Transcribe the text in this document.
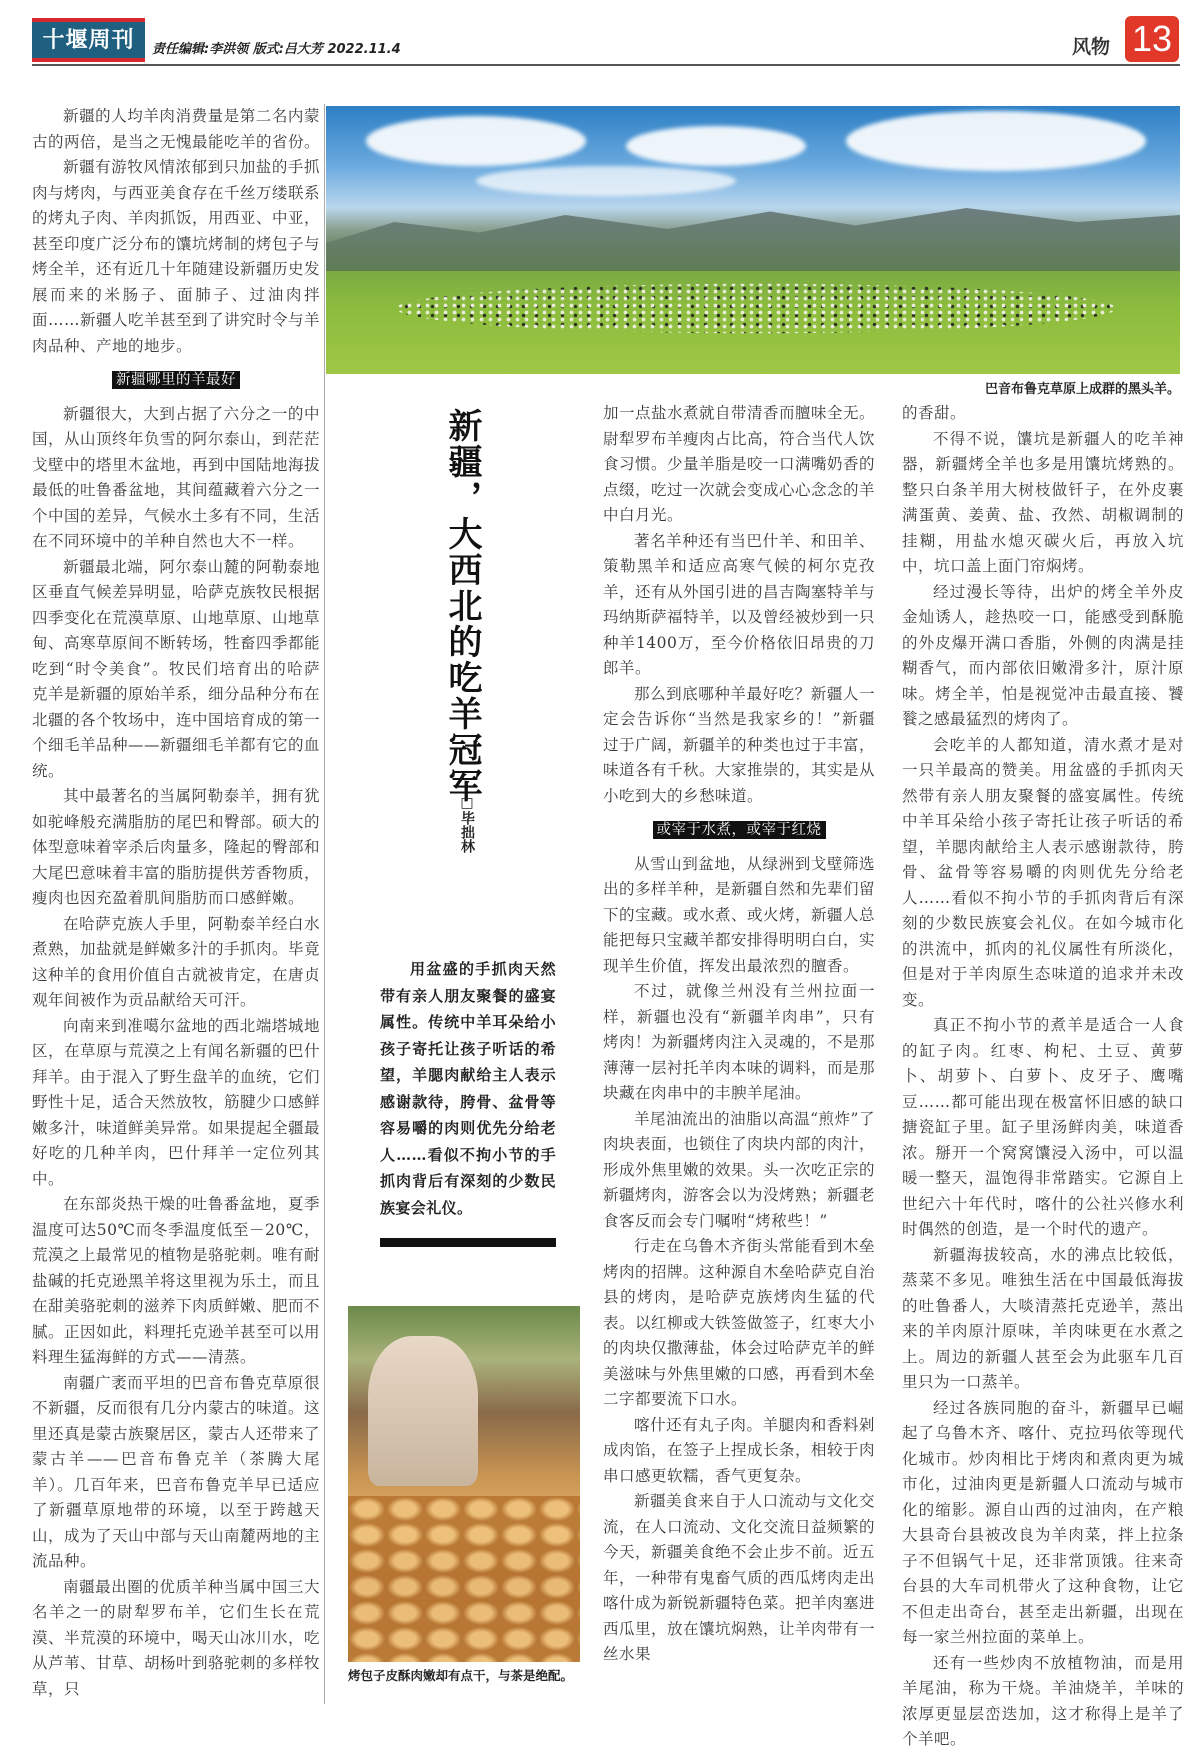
十堰周刊	责任编辑:李洪领 版式:吕大芳 2022.11.4	风物 13

新疆的人均羊肉消费量是第二名内蒙古的两倍，是当之无愧最能吃羊的省份。

新疆有游牧风情浓郁到只加盐的手抓肉与烤肉，与西亚美食存在千丝万缕联系的烤丸子肉、羊肉抓饭，用西亚、中亚，甚至印度广泛分布的馕坑烤制的烤包子与烤全羊，还有近几十年随建设新疆历史发展而来的米肠子、面肺子、过油肉拌面……新疆人吃羊甚至到了讲究时令与羊肉品种、产地的地步。

新疆哪里的羊最好

新疆很大，大到占据了六分之一的中国，从山顶终年负雪的阿尔泰山，到茫茫戈壁中的塔里木盆地，再到中国陆地海拔最低的吐鲁番盆地，其间蕴藏着六分之一个中国的差异，气候水土多有不同，生活在不同环境中的羊种自然也大不一样。

新疆最北端，阿尔泰山麓的阿勒泰地区垂直气候差异明显，哈萨克族牧民根据四季变化在荒漠草原、山地草原、山地草甸、高寒草原间不断转场，牲畜四季都能吃到“时令美食”。牧民们培育出的哈萨克羊是新疆的原始羊系，细分品种分布在北疆的各个牧场中，连中国培育成的第一个细毛羊品种——新疆细毛羊都有它的血统。

其中最著名的当属阿勒泰羊，拥有犹如驼峰般充满脂肪的尾巴和臀部。硕大的体型意味着宰杀后肉量多，隆起的臀部和大尾巴意味着丰富的脂肪提供芳香物质，瘦肉也因充盈着肌间脂肪而口感鲜嫩。

在哈萨克族人手里，阿勒泰羊经白水煮熟，加盐就是鲜嫩多汁的手抓肉。毕竟这种羊的食用价值自古就被肯定，在唐贞观年间被作为贡品献给天可汗。

向南来到准噶尔盆地的西北端塔城地区，在草原与荒漠之上有闻名新疆的巴什拜羊。由于混入了野生盘羊的血统，它们野性十足，适合天然放牧，筋腱少口感鲜嫩多汁，味道鲜美异常。如果提起全疆最好吃的几种羊肉，巴什拜羊一定位列其中。

在东部炎热干燥的吐鲁番盆地，夏季温度可达50℃而冬季温度低至－20℃，荒漠之上最常见的植物是骆驼刺。唯有耐盐碱的托克逊黑羊将这里视为乐土，而且在甜美骆驼刺的滋养下肉质鲜嫩、肥而不腻。正因如此，料理托克逊羊甚至可以用料理生猛海鲜的方式——清蒸。

南疆广袤而平坦的巴音布鲁克草原很不新疆，反而很有几分内蒙古的味道。这里还真是蒙古族聚居区，蒙古人还带来了蒙古羊——巴音布鲁克羊（茶腾大尾羊）。几百年来，巴音布鲁克羊早已适应了新疆草原地带的环境，以至于跨越天山，成为了天山中部与天山南麓两地的主流品种。

南疆最出圈的优质羊种当属中国三大名羊之一的尉犁罗布羊，它们生长在荒漠、半荒漠的环境中，喝天山冰川水，吃从芦苇、甘草、胡杨叶到骆驼刺的多样牧草，只

巴音布鲁克草原上成群的黑头羊。
新疆，大西北的吃羊冠军
□毕拙林
用盆盛的手抓肉天然带有亲人朋友聚餐的盛宴属性。传统中羊耳朵给小孩子寄托让孩子听话的希望，羊腮肉献给主人表示感谢款待，胯骨、盆骨等容易嚼的肉则优先分给老人……看似不拘小节的手抓肉背后有深刻的少数民族宴会礼仪。
烤包子皮酥肉嫩却有点干，与茶是绝配。

加一点盐水煮就自带清香而膻味全无。尉犁罗布羊瘦肉占比高，符合当代人饮食习惯。少量羊脂是咬一口满嘴奶香的点缀，吃过一次就会变成心心念念的羊中白月光。

著名羊种还有当巴什羊、和田羊、策勒黑羊和适应高寒气候的柯尔克孜羊，还有从外国引进的昌吉陶塞特羊与玛纳斯萨福特羊，以及曾经被炒到一只种羊1400万，至今价格依旧昂贵的刀郎羊。

那么到底哪种羊最好吃？新疆人一定会告诉你“当然是我家乡的！”新疆过于广阔，新疆羊的种类也过于丰富，味道各有千秋。大家推崇的，其实是从小吃到大的乡愁味道。

或宰于水煮，或宰于红烧

从雪山到盆地，从绿洲到戈壁筛选出的多样羊种，是新疆自然和先辈们留下的宝藏。或水煮、或火烤，新疆人总能把每只宝藏羊都安排得明明白白，实现羊生价值，挥发出最浓烈的膻香。

不过，就像兰州没有兰州拉面一样，新疆也没有“新疆羊肉串”，只有烤肉！为新疆烤肉注入灵魂的，不是那薄薄一层衬托羊肉本味的调料，而是那块藏在肉串中的丰腴羊尾油。

羊尾油流出的油脂以高温“煎炸”了肉块表面，也锁住了肉块内部的肉汁，形成外焦里嫩的效果。头一次吃正宗的新疆烤肉，游客会以为没烤熟；新疆老食客反而会专门嘱咐“烤秾些！”

行走在乌鲁木齐街头常能看到木垒烤肉的招牌。这种源自木垒哈萨克自治县的烤肉，是哈萨克族烤肉生猛的代表。以红柳或大铁签做签子，红枣大小的肉块仅撒薄盐，体会过哈萨克羊的鲜美滋味与外焦里嫩的口感，再看到木垒二字都要流下口水。

喀什还有丸子肉。羊腿肉和香料剁成肉馅，在签子上捏成长条，相较于肉串口感更软糯，香气更复杂。

新疆美食来自于人口流动与文化交流，在人口流动、文化交流日益频繁的今天，新疆美食绝不会止步不前。近五年，一种带有鬼畜气质的西瓜烤肉走出喀什成为新锐新疆特色菜。把羊肉塞进西瓜里，放在馕坑焖熟，让羊肉带有一丝水果

的香甜。

不得不说，馕坑是新疆人的吃羊神器，新疆烤全羊也多是用馕坑烤熟的。整只白条羊用大树枝做钎子，在外皮裹满蛋黄、姜黄、盐、孜然、胡椒调制的挂糊，用盐水熄灭碳火后，再放入坑中，坑口盖上面门帘焖烤。

经过漫长等待，出炉的烤全羊外皮金灿诱人，趁热咬一口，能感受到酥脆的外皮爆开满口香脂，外侧的肉满是挂糊香气，而内部依旧嫩滑多汁，原汁原味。烤全羊，怕是视觉冲击最直接、饕餮之感最猛烈的烤肉了。

会吃羊的人都知道，清水煮才是对一只羊最高的赞美。用盆盛的手抓肉天然带有亲人朋友聚餐的盛宴属性。传统中羊耳朵给小孩子寄托让孩子听话的希望，羊腮肉献给主人表示感谢款待，胯骨、盆骨等容易嚼的肉则优先分给老人……看似不拘小节的手抓肉背后有深刻的少数民族宴会礼仪。在如今城市化的洪流中，抓肉的礼仪属性有所淡化，但是对于羊肉原生态味道的追求并未改变。

真正不拘小节的煮羊是适合一人食的缸子肉。红枣、枸杞、土豆、黄萝卜、胡萝卜、白萝卜、皮牙子、鹰嘴豆……都可能出现在极富怀旧感的缺口搪瓷缸子里。缸子里汤鲜肉美，味道香浓。掰开一个窝窝馕浸入汤中，可以温暖一整天，温饱得非常踏实。它源自上世纪六十年代时，喀什的公社兴修水利时偶然的创造，是一个时代的遗产。

新疆海拔较高，水的沸点比较低，蒸菜不多见。唯独生活在中国最低海拔的吐鲁番人，大啖清蒸托克逊羊，蒸出来的羊肉原汁原味，羊肉味更在水煮之上。周边的新疆人甚至会为此驱车几百里只为一口蒸羊。

经过各族同胞的奋斗，新疆早已崛起了乌鲁木齐、喀什、克拉玛依等现代化城市。炒肉相比于烤肉和煮肉更为城市化，过油肉更是新疆人口流动与城市化的缩影。源自山西的过油肉，在产粮大县奇台县被改良为羊肉菜，拌上拉条子不但锅气十足，还非常顶饿。往来奇台县的大车司机带火了这种食物，让它不但走出奇台，甚至走出新疆，出现在每一家兰州拉面的菜单上。

还有一些炒肉不放植物油，而是用羊尾油，称为干烧。羊油烧羊，羊味的浓厚更显层峦迭加，这才称得上是羊了个羊吧。
